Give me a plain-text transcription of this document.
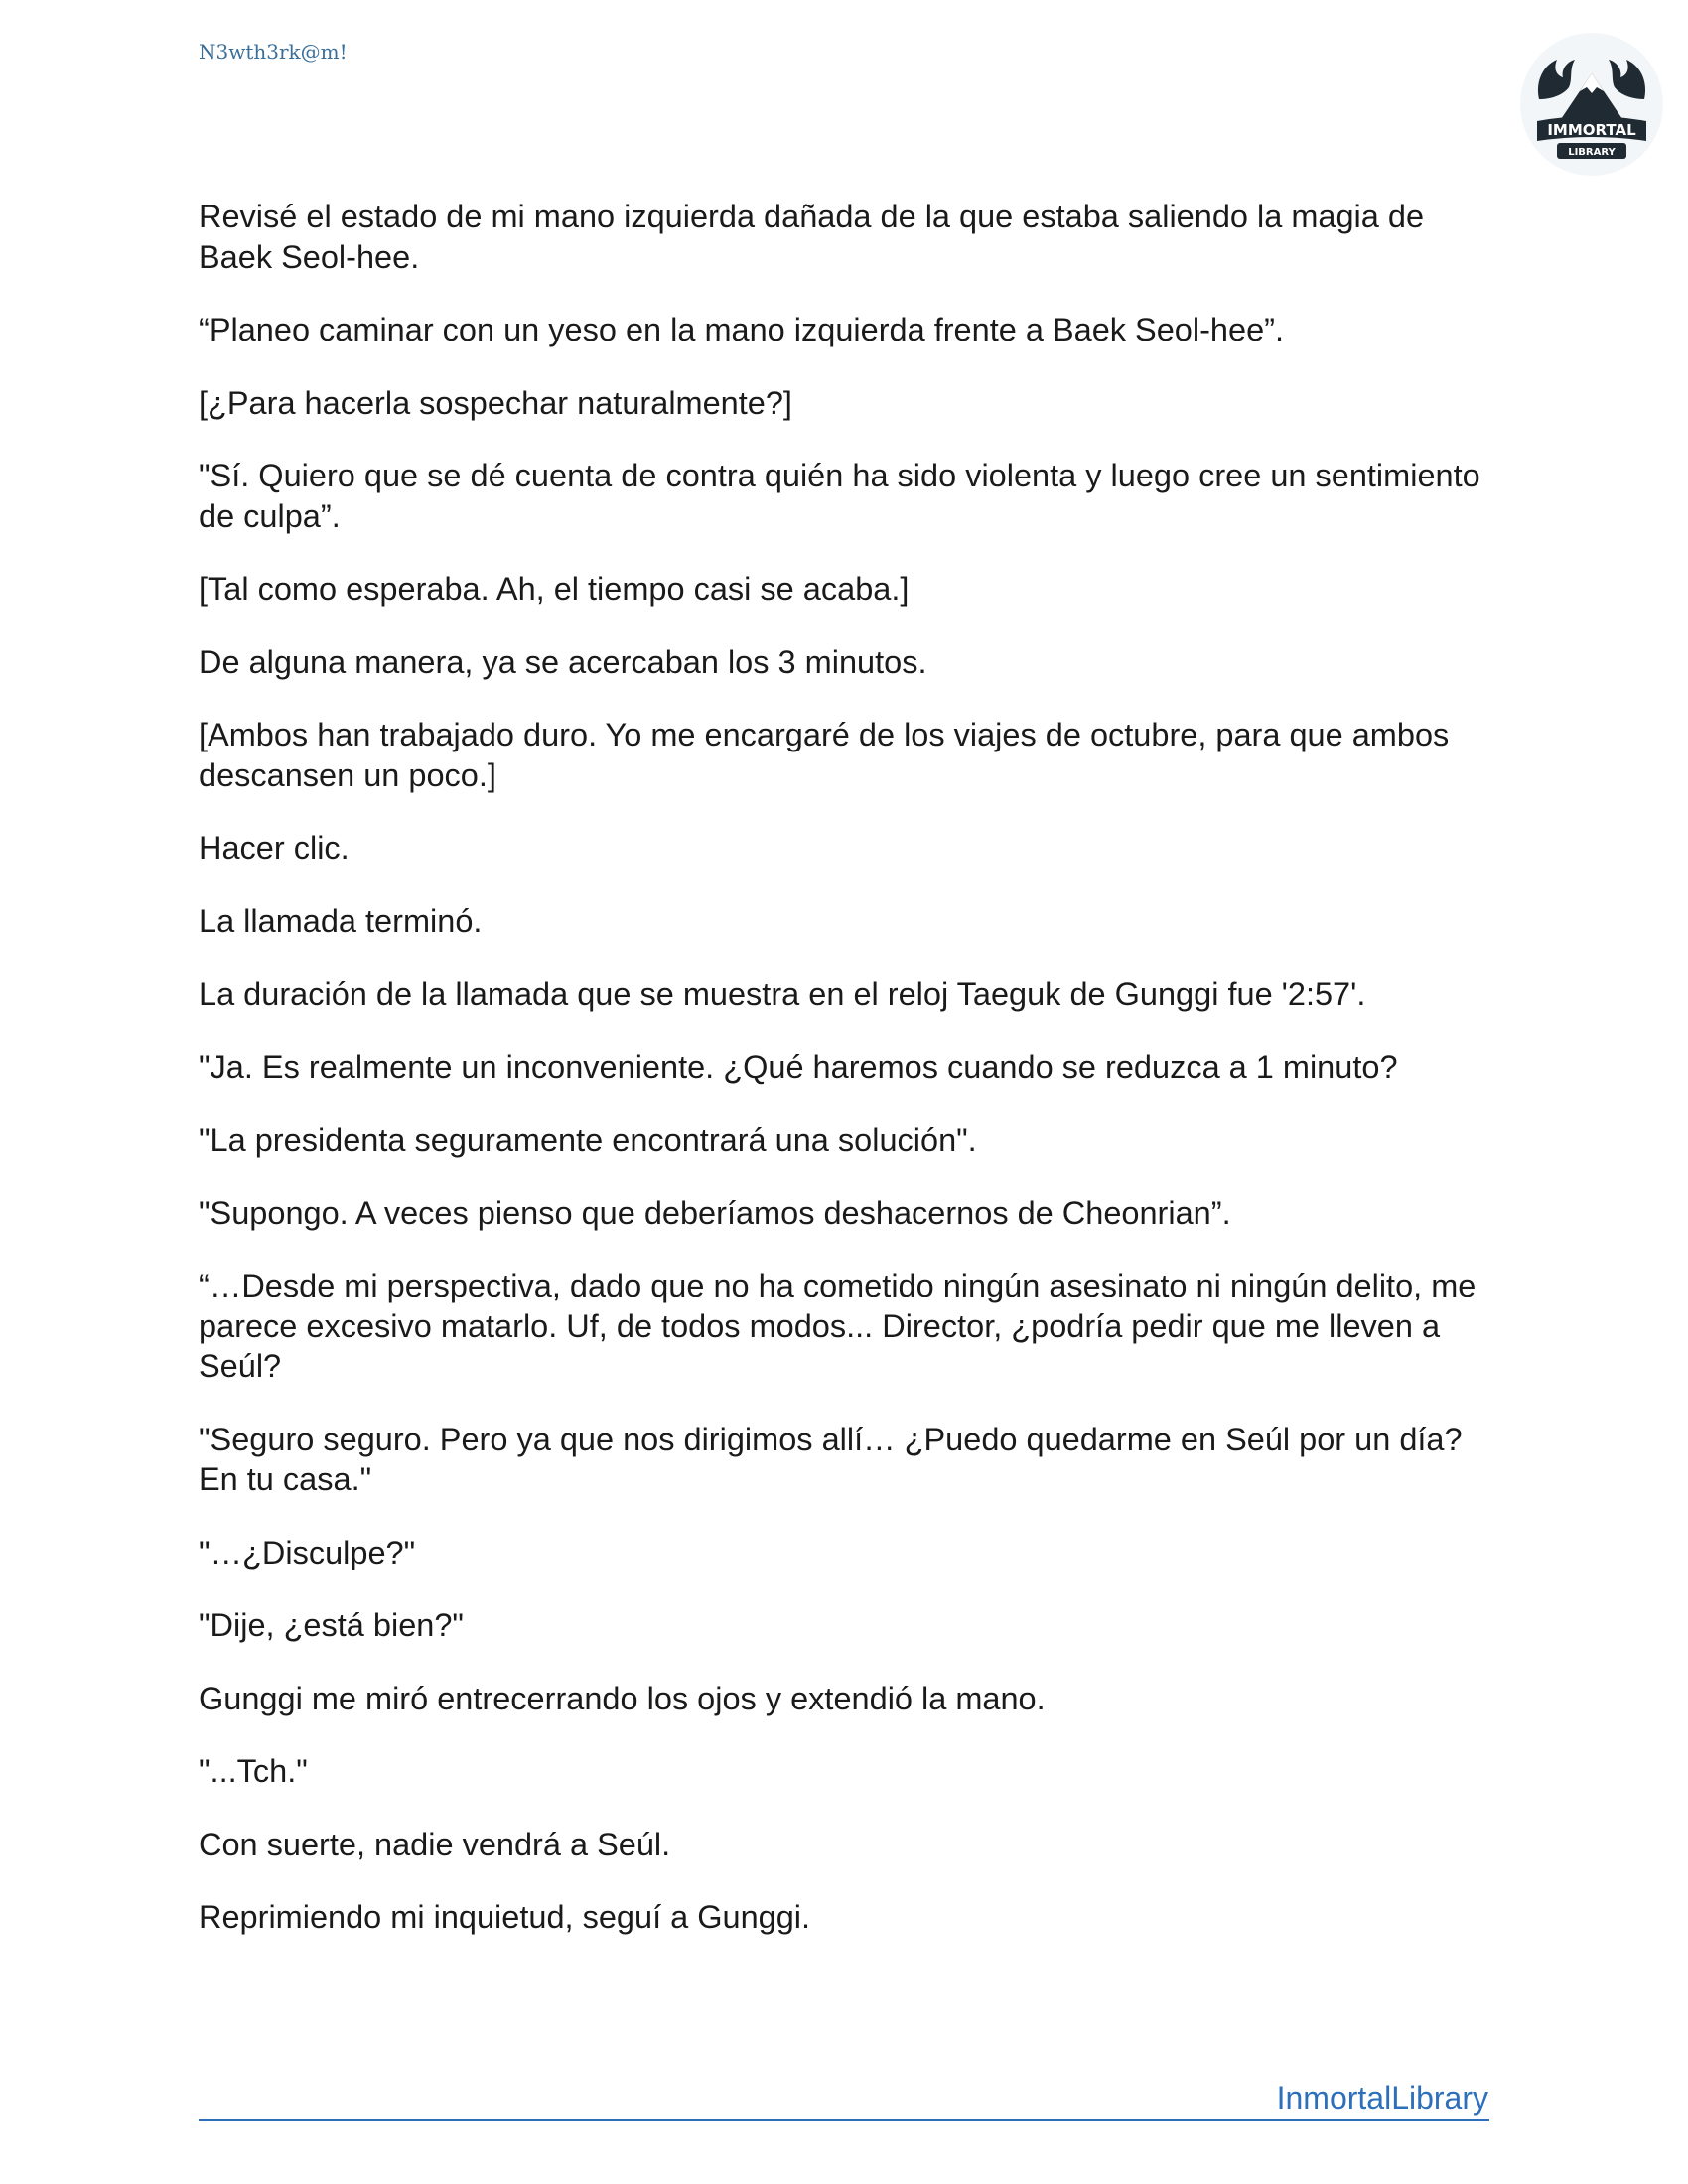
N3wth3rk@m!
IMMORTAL
LIBRARY

Revisé el estado de mi mano izquierda dañada de la que estaba saliendo la magia de Baek Seol-hee.

“Planeo caminar con un yeso en la mano izquierda frente a Baek Seol-hee”.

[¿Para hacerla sospechar naturalmente?]

"Sí. Quiero que se dé cuenta de contra quién ha sido violenta y luego cree un sentimiento de culpa”.

[Tal como esperaba. Ah, el tiempo casi se acaba.]

De alguna manera, ya se acercaban los 3 minutos.

[Ambos han trabajado duro. Yo me encargaré de los viajes de octubre, para que ambos descansen un poco.]

Hacer clic.

La llamada terminó.

La duración de la llamada que se muestra en el reloj Taeguk de Gunggi fue '2:57'.

"Ja. Es realmente un inconveniente. ¿Qué haremos cuando se reduzca a 1 minuto?

"La presidenta seguramente encontrará una solución".

"Supongo. A veces pienso que deberíamos deshacernos de Cheonrian”.

“…Desde mi perspectiva, dado que no ha cometido ningún asesinato ni ningún delito, me parece excesivo matarlo. Uf, de todos modos... Director, ¿podría pedir que me lleven a Seúl?

"Seguro seguro. Pero ya que nos dirigimos allí… ¿Puedo quedarme en Seúl por un día? En tu casa."

"…¿Disculpe?"

"Dije, ¿está bien?"

Gunggi me miró entrecerrando los ojos y extendió la mano.

"...Tch."

Con suerte, nadie vendrá a Seúl.

Reprimiendo mi inquietud, seguí a Gunggi.

InmortalLibrary
